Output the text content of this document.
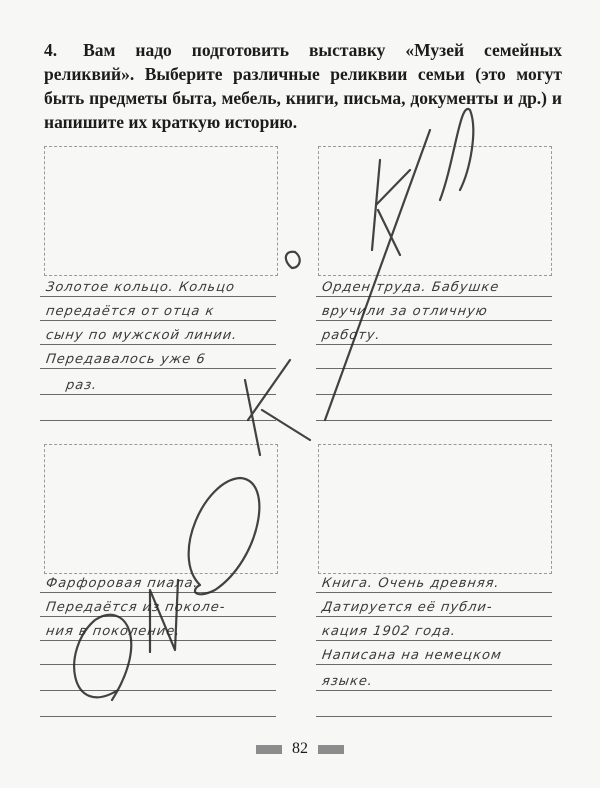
4. Вам надо подготовить выставку «Музей семейных реликвий». Выберите различные реликвии семьи (это могут быть предметы быта, мебель, книги, письма, документы и др.) и напишите их краткую историю.
Золотое кольцо. Кольцо
передаётся от отца к
сыну по мужской линии.
Передавалось уже 6
раз.
Орден труда. Бабушке
вручили за отличную
работу.
Фарфоровая пиала.
Передаётся из поколе-
ния в поколение.
Книга. Очень древняя.
Датируется её публи-
кация 1902 года.
Написана на немецком
языке.
82
